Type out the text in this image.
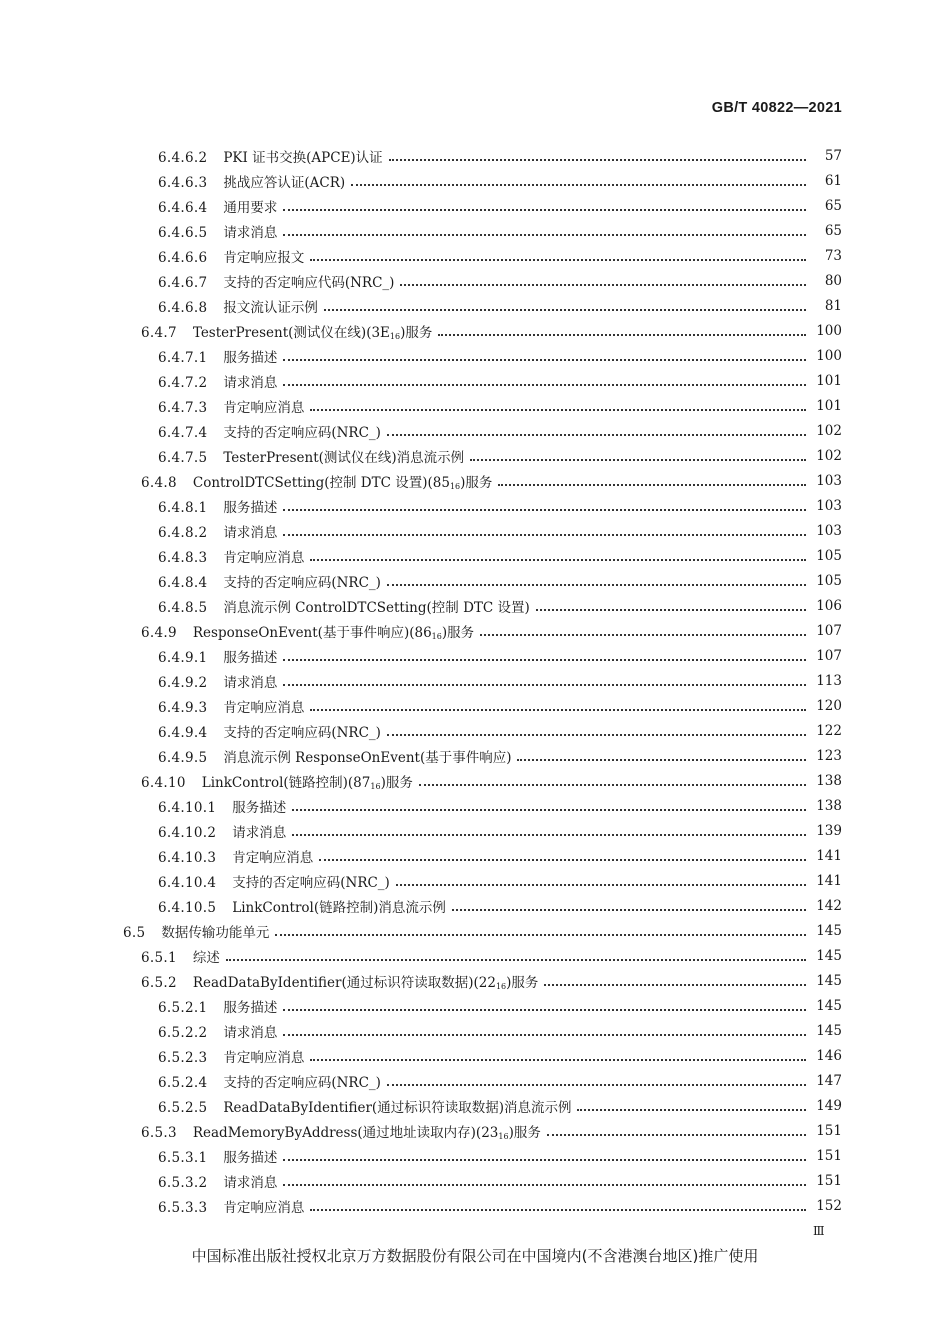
GB/T 40822—2021
6.4.6.2 PKI 证书交换(APCE)认证	57
6.4.6.3 挑战应答认证(ACR)	61
6.4.6.4 通用要求	65
6.4.6.5 请求消息	65
6.4.6.6 肯定响应报文	73
6.4.6.7 支持的否定响应代码(NRC_)	80
6.4.6.8 报文流认证示例	81
6.4.7 TesterPresent(测试仪在线)$(3E_{16})$服务	100
6.4.7.1 服务描述	100
6.4.7.2 请求消息	101
6.4.7.3 肯定响应消息	101
6.4.7.4 支持的否定响应码(NRC_)	102
6.4.7.5 TesterPresent(测试仪在线)消息流示例	102
6.4.8 ControlDTCSetting(控制 DTC 设置)$(85_{16})$服务	103
6.4.8.1 服务描述	103
6.4.8.2 请求消息	103
6.4.8.3 肯定响应消息	105
6.4.8.4 支持的否定响应码(NRC_)	105
6.4.8.5 消息流示例 ControlDTCSetting(控制 DTC 设置)	106
6.4.9 ResponseOnEvent(基于事件响应)$(86_{16})$服务	107
6.4.9.1 服务描述	107
6.4.9.2 请求消息	113
6.4.9.3 肯定响应消息	120
6.4.9.4 支持的否定响应码(NRC_)	122
6.4.9.5 消息流示例 ResponseOnEvent(基于事件响应)	123
6.4.10 LinkControl(链路控制)$(87_{16})$服务	138
6.4.10.1 服务描述	138
6.4.10.2 请求消息	139
6.4.10.3 肯定响应消息	141
6.4.10.4 支持的否定响应码(NRC_)	141
6.4.10.5 LinkControl(链路控制)消息流示例	142
6.5 数据传输功能单元	145
6.5.1 综述	145
6.5.2 ReadDataByIdentifier(通过标识符读取数据)$(22_{16})$服务	145
6.5.2.1 服务描述	145
6.5.2.2 请求消息	145
6.5.2.3 肯定响应消息	146
6.5.2.4 支持的否定响应码(NRC_)	147
6.5.2.5 ReadDataByIdentifier(通过标识符读取数据)消息流示例	149
6.5.3 ReadMemoryByAddress(通过地址读取内存)$(23_{16})$服务	151
6.5.3.1 服务描述	151
6.5.3.2 请求消息	151
6.5.3.3 肯定响应消息	152
Ⅲ
中国标准出版社授权北京万方数据股份有限公司在中国境内(不含港澳台地区)推广使用
